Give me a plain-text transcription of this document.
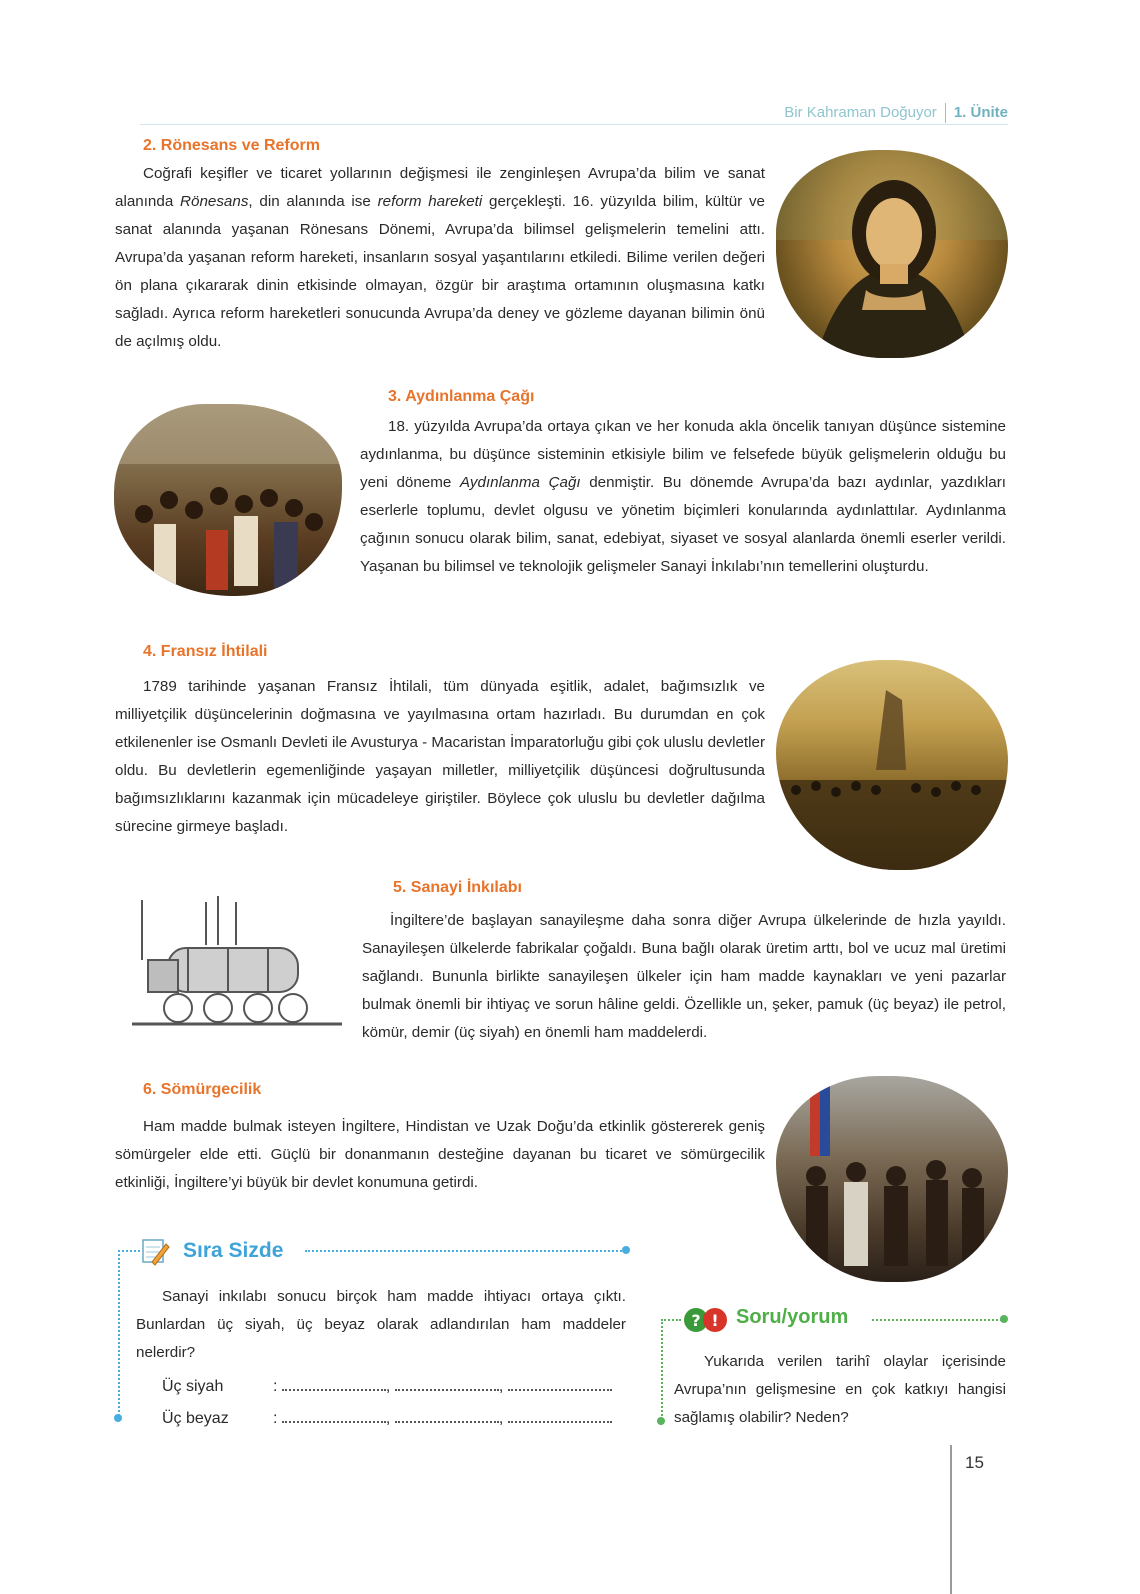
Bir Kahraman Doğuyor 1. Ünite
2. Rönesans ve Reform
Coğrafi keşifler ve ticaret yollarının değişmesi ile zenginleşen Avrupa’da bilim ve sanat alanında Rönesans, din alanında ise reform hareketi gerçekleşti. 16. yüzyılda bilim, kültür ve sanat alanında yaşanan Rönesans Dönemi, Avrupa’da bilimsel gelişmelerin temelini attı. Avrupa’da yaşanan reform hareketi, insanların sosyal yaşantılarını etkiledi. Bilime verilen değeri ön plana çıkararak dinin etkisinde olmayan, özgür bir araştıma ortamının oluşmasına katkı sağladı. Ayrıca reform hareketleri sonucunda Avrupa’da deney ve gözleme dayanan bilimin önü de açılmış oldu.
3. Aydınlanma Çağı
18. yüzyılda Avrupa’da ortaya çıkan ve her konuda akla öncelik tanıyan düşünce sistemine aydınlanma, bu düşünce sisteminin etkisiyle bilim ve felsefede büyük gelişmelerin olduğu bu yeni döneme Aydınlanma Çağı denmiştir. Bu dönemde Avrupa’da bazı aydınlar, yazdıkları eserlerle toplumu, devlet olgusu ve yönetim biçimleri konularında aydınlattılar. Aydınlanma çağının sonucu olarak bilim, sanat, edebiyat, siyaset ve sosyal alanlarda önemli eserler verildi. Yaşanan bu bilimsel ve teknolojik gelişmeler Sanayi İnkılabı’nın temellerini oluşturdu.
4. Fransız İhtilali
1789 tarihinde yaşanan Fransız İhtilali, tüm dünyada eşitlik, adalet, bağımsızlık ve milliyetçilik düşüncelerinin doğmasına ve yayılmasına ortam hazırladı. Bu durumdan en çok etkilenenler ise Osmanlı Devleti ile Avusturya - Macaristan İmparatorluğu gibi çok uluslu devletler oldu. Bu devletlerin egemenliğinde yaşayan milletler, milliyetçilik düşüncesi doğrultusunda bağımsızlıklarını kazanmak için mücadeleye giriştiler. Böylece çok uluslu bu devletler dağılma sürecine girmeye başladı.
5. Sanayi İnkılabı
İngiltere’de başlayan sanayileşme daha sonra diğer Avrupa ülkelerinde de hızla yayıldı. Sanayileşen ülkelerde fabrikalar çoğaldı. Buna bağlı olarak üretim arttı, bol ve ucuz mal üretimi sağlandı. Bununla birlikte sanayileşen ülkeler için ham madde kaynakları ve yeni pazarlar bulmak önemli bir ihtiyaç ve sorun hâline geldi. Özellikle un, şeker, pamuk (üç beyaz) ile petrol, kömür, demir (üç siyah) en önemli ham maddelerdi.
6. Sömürgecilik
Ham madde bulmak isteyen İngiltere, Hindistan ve Uzak Doğu’da etkinlik göstererek geniş sömürgeler elde etti. Güçlü bir donanmanın desteğine dayanan bu ticaret ve sömürgecilik etkinliği, İngiltere’yi büyük bir devlet konumuna getirdi.
Sıra Sizde
Sanayi inkılabı sonucu birçok ham madde ihtiyacı ortaya çıktı. Bunlardan üç siyah, üç beyaz olarak adlandırılan ham maddeler nelerdir?
Üç siyah	:	,	,
Üç beyaz	:	,	,
? ! Soru/yorum
Yukarıda verilen tarihî olaylar içerisinde Avrupa’nın gelişmesine en çok katkıyı hangisi sağlamış olabilir? Neden?
15
